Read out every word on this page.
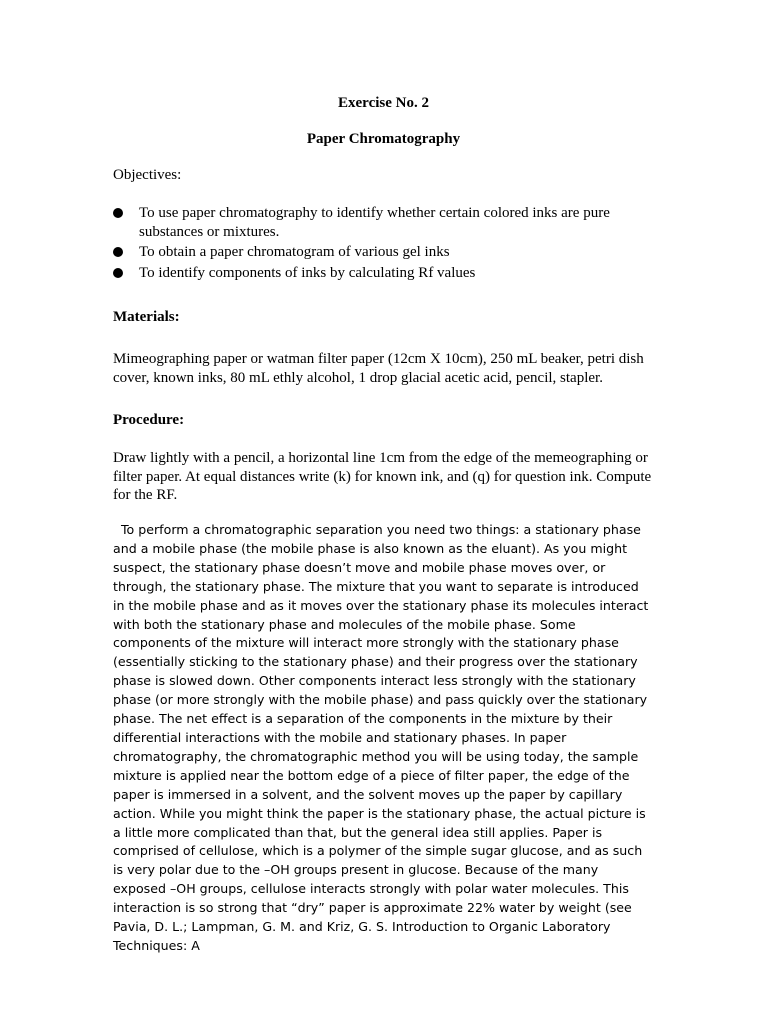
Exercise No. 2
Paper Chromatography
Objectives:
To use paper chromatography to identify whether certain colored inks are pure substances or mixtures.
To obtain a paper chromatogram of various gel inks
To identify components of inks by calculating Rf values
Materials:
Mimeographing paper or watman filter paper (12cm X 10cm), 250 mL beaker, petri dish cover, known inks, 80 mL ethly alcohol, 1 drop glacial acetic acid, pencil, stapler.
Procedure:
Draw lightly with a pencil, a horizontal line 1cm from the edge of the memeographing or filter paper. At equal distances write (k) for known ink, and (q) for question ink. Compute for the RF.
To perform a chromatographic separation you need two things: a stationary phase and a mobile phase (the mobile phase is also known as the eluant). As you might suspect, the stationary phase doesn’t move and mobile phase moves over, or through, the stationary phase. The mixture that you want to separate is introduced in the mobile phase and as it moves over the stationary phase its molecules interact with both the stationary phase and molecules of the mobile phase. Some components of the mixture will interact more strongly with the stationary phase (essentially sticking to the stationary phase) and their progress over the stationary phase is slowed down. Other components interact less strongly with the stationary phase (or more strongly with the mobile phase) and pass quickly over the stationary phase. The net effect is a separation of the components in the mixture by their differential interactions with the mobile and stationary phases. In paper chromatography, the chromatographic method you will be using today, the sample mixture is applied near the bottom edge of a piece of filter paper, the edge of the paper is immersed in a solvent, and the solvent moves up the paper by capillary action. While you might think the paper is the stationary phase, the actual picture is a little more complicated than that, but the general idea still applies. Paper is comprised of cellulose, which is a polymer of the simple sugar glucose, and as such is very polar due to the –OH groups present in glucose. Because of the many exposed –OH groups, cellulose interacts strongly with polar water molecules. This interaction is so strong that “dry” paper is approximate 22% water by weight (see Pavia, D. L.; Lampman, G. M. and Kriz, G. S. Introduction to Organic Laboratory Techniques: A
